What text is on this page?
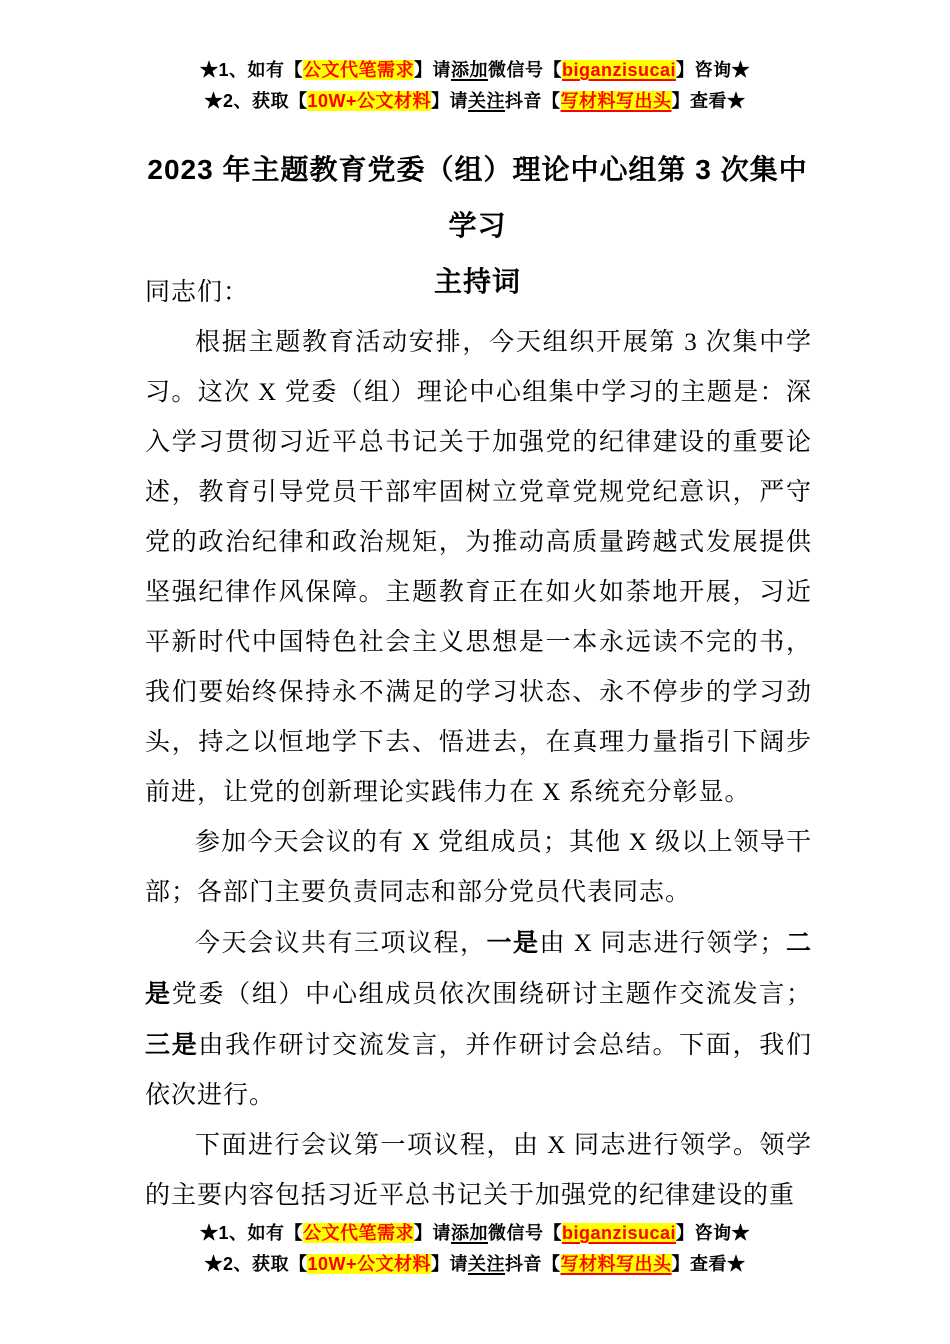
★1、如有【公文代笔需求】请添加微信号【biganzisucai】咨询★
★2、获取【10W+公文材料】请关注抖音【写材料写出头】查看★
2023 年主题教育党委（组）理论中心组第 3 次集中学习
主持词

同志们：

根据主题教育活动安排，今天组织开展第 3 次集中学习。这次 X 党委（组）理论中心组集中学习的主题是：深入学习贯彻习近平总书记关于加强党的纪律建设的重要论述，教育引导党员干部牢固树立党章党规党纪意识，严守党的政治纪律和政治规矩，为推动高质量跨越式发展提供坚强纪律作风保障。主题教育正在如火如荼地开展，习近平新时代中国特色社会主义思想是一本永远读不完的书，我们要始终保持永不满足的学习状态、永不停步的学习劲头，持之以恒地学下去、悟进去，在真理力量指引下阔步前进，让党的创新理论实践伟力在 X 系统充分彰显。

参加今天会议的有 X 党组成员；其他 X 级以上领导干部；各部门主要负责同志和部分党员代表同志。

今天会议共有三项议程，一是由 X 同志进行领学；二是党委（组）中心组成员依次围绕研讨主题作交流发言；三是由我作研讨交流发言，并作研讨会总结。下面，我们依次进行。

下面进行会议第一项议程，由 X 同志进行领学。领学的主要内容包括习近平总书记关于加强党的纪律建设的重

★1、如有【公文代笔需求】请添加微信号【biganzisucai】咨询★
★2、获取【10W+公文材料】请关注抖音【写材料写出头】查看★
